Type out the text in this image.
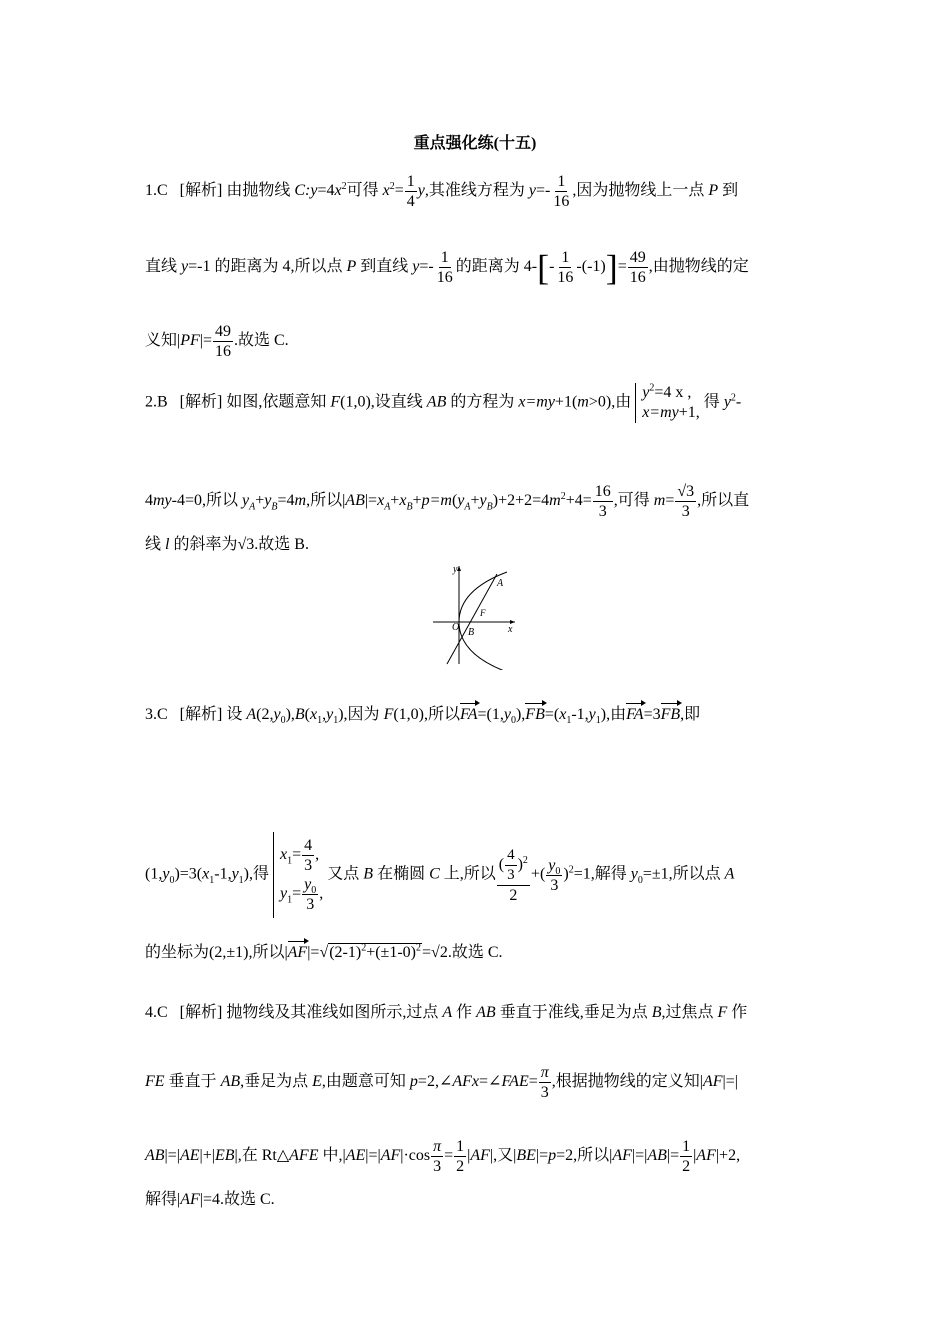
重点强化练(十五)
1.C   [解析] 由抛物线 $C:y=4x^2$可得 $x^2= \frac{1}{4} y$,其准线方程为 $y=- \frac{1}{16}$ ,因为抛物线上一点 P 到
直线 y=-1 的距离为 4,所以点 P 到直线 $y=- \frac{1}{16}$ 的距离为 $4-[- \frac{1}{16} -(-1)]= \frac{49}{16}$ ,由抛物线的定
义知$|PF|= \frac{49}{16}$ .故选 C.
2.B   [解析] 如图,依题意知 F(1,0),设直线 AB 的方程为 x=my+1(m>0),由
$y^2=4$ x ,
x=my+1,
得 $y^2-$
4my-4=0,所以 $y_A+y_B=4m$,所以$|AB|=x_A+x_B+p=m(y_A+y_B)+2+2=4m^2+4= \frac{16}{3}$ ,可得 $m= \frac{√3}{3}$ ,所以直
线 l 的斜率为√3.故选 B.
y
x
A
F
O B
3.C   [解析] 设 $A(2,y_0),B(x_1,y_1)$,因为 F(1,0),所以$FA=(1,y_0),FB=(x_1-1,y_1)$,由FA=3FB,即
$(1,y_0)=3(x_1-1,y_1)$,得
$x_1= \frac{4}{3}$ ,
$y_1= \frac{y_0}{3}$ ,
又点 B 在椭圆 C 上,所以 $\frac{( \frac{4}{3} )^2}{2}$ +( $\frac{y_0}{3} )^2=1$,解得 $y_0=\pm 1$,所以点 A
的坐标为(2,±1),所以$|AF|=√(2-1)^2+(\pm 1-0)^2=√2$.故选 C.
4.C   [解析] 抛物线及其准线如图所示,过点 A 作 AB 垂直于准线,垂足为点 B,过焦点 F 作
FE 垂直于 AB,垂足为点 E,由题意可知 p=2,∠AFx=∠FAE= $\frac{\pi}{3}$ ,根据抛物线的定义知|AF|=|
AB|=|AE|+|EB|,在 Rt△AFE 中$,|AE|=|AF|\cdot\cos \frac{\pi}{3} = \frac{1}{2} |AF|$,又|BE|=p=2,所以$|AF|=|AB|= \frac{1}{2} |AF|+2$,
解得|AF|=4.故选 C.
